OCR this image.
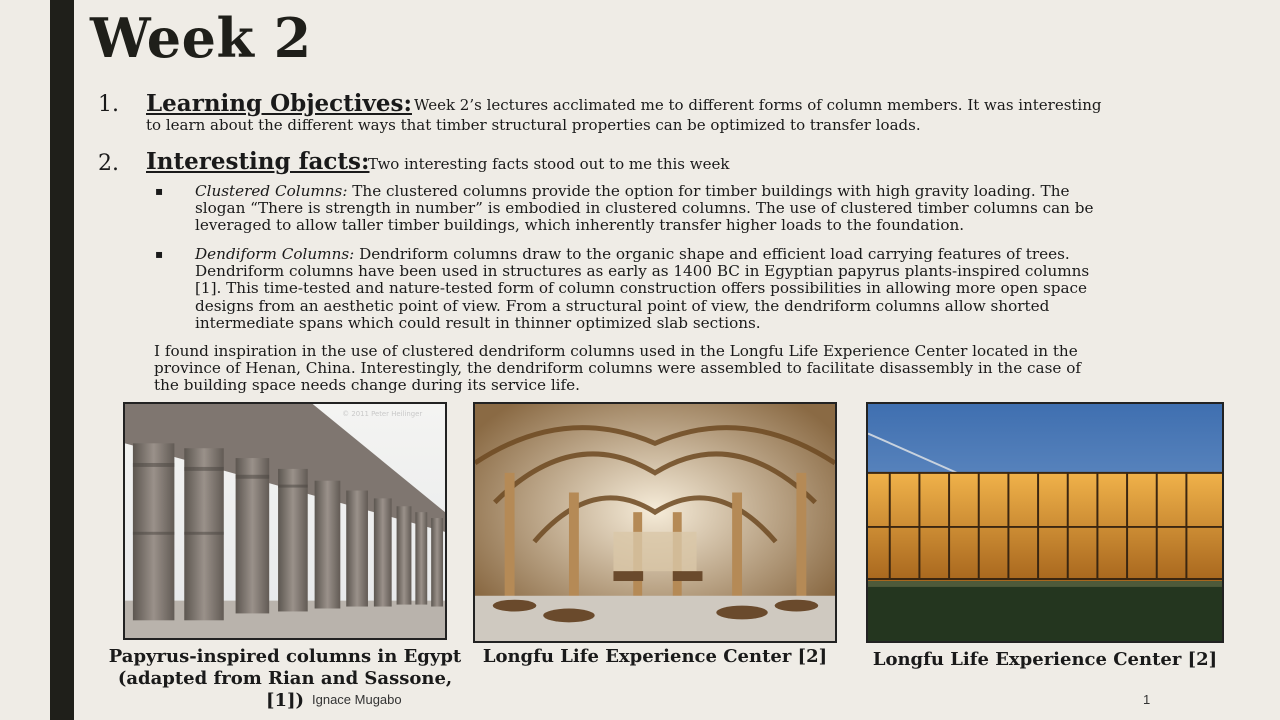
Week 2
1. Learning Objectives: Week 2’s lectures acclimated me to different forms of column members. It was interesting
to learn about the different ways that timber structural properties can be optimized to transfer loads.
2. Interesting facts:
Two interesting facts stood out to me this week
▪ Clustered Columns: The clustered columns provide the option for timber buildings with high gravity loading. The
slogan “There is strength in number” is embodied in clustered columns. The use of clustered timber columns can be
leveraged to allow taller timber buildings, which inherently transfer higher loads to the foundation.
▪ Dendiform Columns: Dendriform columns draw to the organic shape and efficient load carrying features of trees.
Dendriform columns have been used in structures as early as 1400 BC in Egyptian papyrus plants-inspired columns
[1]. This time-tested and nature-tested form of column construction offers possibilities in allowing more open space
designs from an aesthetic point of view. From a structural point of view, the dendriform columns allow shorted
intermediate spans which could result in thinner optimized slab sections.
I found inspiration in the use of clustered dendriform columns used in the Longfu Life Experience Center located in the
province of Henan, China. Interestingly, the dendriform columns were assembled to facilitate disassembly in the case of
the building space needs change during its service life.
© 2011 Peter Heilinger
Papyrus-inspired columns in Egypt
(adapted from Rian and Sassone, [1])
Longfu Life Experience Center [2]	Longfu Life Experience Center [2]
Ignace Mugabo	1
